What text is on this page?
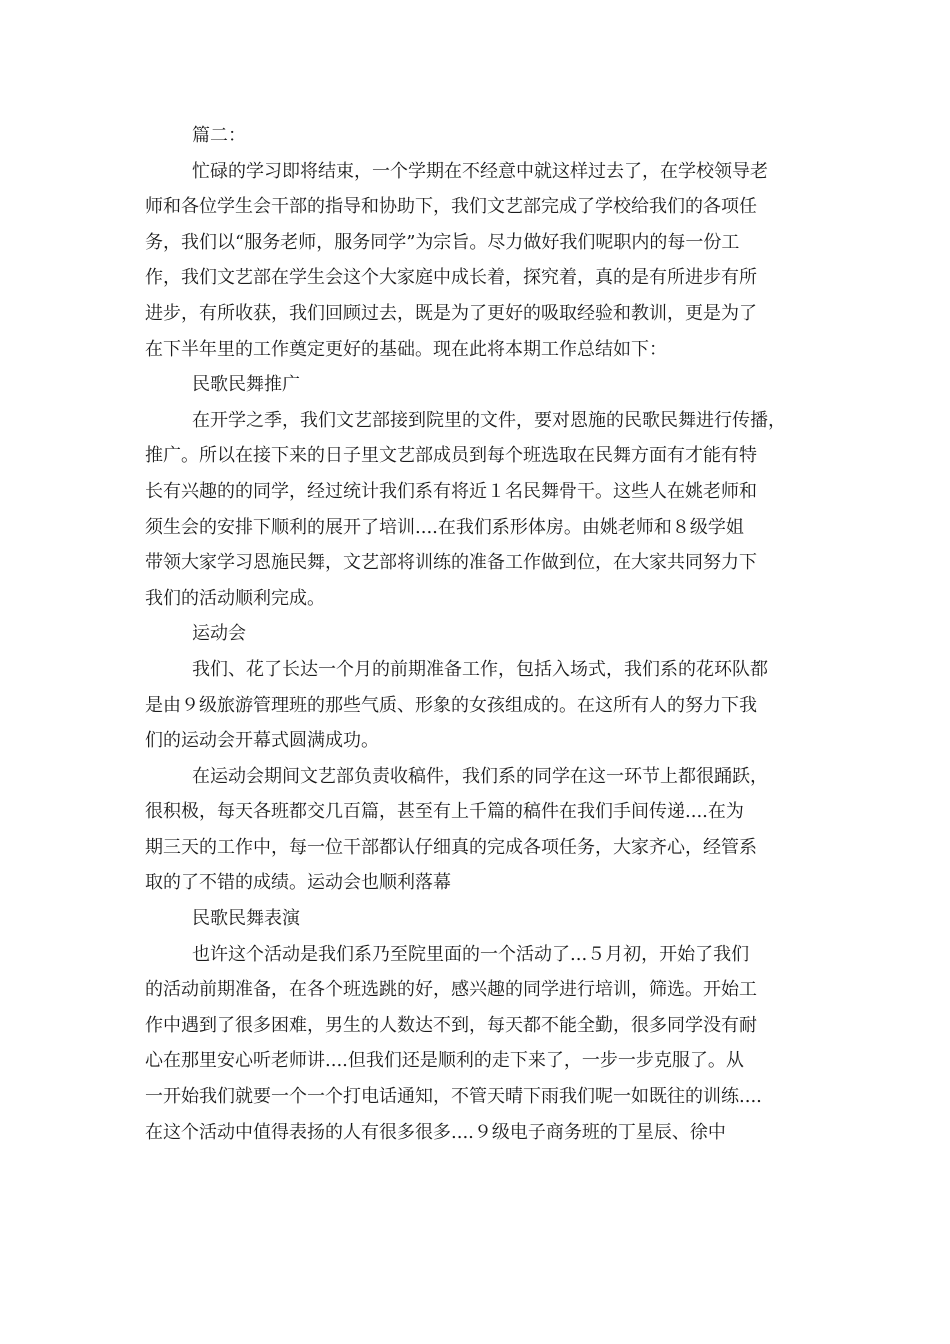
篇二：
忙碌的学习即将结束，一个学期在不经意中就这样过去了，在学校领导老
师和各位学生会干部的指导和协助下，我们文艺部完成了学校给我们的各项任
务，我们以“服务老师，服务同学”为宗旨。尽力做好我们呢职内的每一份工
作，我们文艺部在学生会这个大家庭中成长着，探究着，真的是有所进步有所
进步，有所收获，我们回顾过去，既是为了更好的吸取经验和教训，更是为了
在下半年里的工作奠定更好的基础。现在此将本期工作总结如下：
民歌民舞推广
在开学之季，我们文艺部接到院里的文件，要对恩施的民歌民舞进行传播，
推广。所以在接下来的日子里文艺部成员到每个班选取在民舞方面有才能有特
长有兴趣的的同学，经过统计我们系有将近１名民舞骨干。这些人在姚老师和
须生会的安排下顺利的展开了培训....在我们系形体房。由姚老师和８级学姐
带领大家学习恩施民舞，文艺部将训练的准备工作做到位，在大家共同努力下
我们的活动顺利完成。
运动会
我们、花了长达一个月的前期准备工作，包括入场式，我们系的花环队都
是由９级旅游管理班的那些气质、形象的女孩组成的。在这所有人的努力下我
们的运动会开幕式圆满成功。
在运动会期间文艺部负责收稿件，我们系的同学在这一环节上都很踊跃，
很积极，每天各班都交几百篇，甚至有上千篇的稿件在我们手间传递....在为
期三天的工作中，每一位干部都认仔细真的完成各项任务，大家齐心，经管系
取的了不错的成绩。运动会也顺利落幕
民歌民舞表演
也许这个活动是我们系乃至院里面的一个活动了...５月初，开始了我们
的活动前期准备，在各个班选跳的好，感兴趣的同学进行培训，筛选。开始工
作中遇到了很多困难，男生的人数达不到，每天都不能全勤，很多同学没有耐
心在那里安心听老师讲....但我们还是顺利的走下来了，一步一步克服了。从
一开始我们就要一个一个打电话通知，不管天晴下雨我们呢一如既往的训练....
在这个活动中值得表扬的人有很多很多....９级电子商务班的丁星辰、徐中
